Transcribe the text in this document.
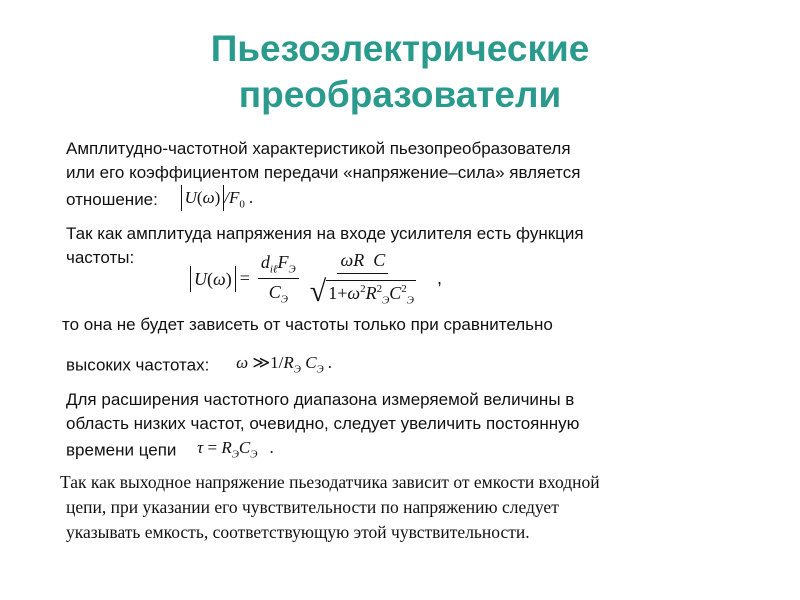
Пьезоэлектрические
преобразователи
Амплитудно-частотной характеристикой пьезопреобразователя
или его коэффициентом передачи «напряжение–сила» является
отношение: U(ω) $/F_0$ .
Так как амплитуда напряжения на входе усилителя есть функция
частоты:
$U(\omega) = \frac{d_{i\ell}F_Э}{C_Э} \frac{\text{ωR  C}}{√ 1+\omega^2R^2_ЭC^2_Э}$ ,
то она не будет зависеть от частоты только при сравнительно
высоких частотах: ω $≫1/R_Э$ $C_Э$ .
Для расширения частотного диапазона измеряемой величины в
область низких частот, очевидно, следует увеличить постоянную
времени цепи $\tau = R_ЭC_Э$ .
Так как выходное напряжение пьезодатчика зависит от емкости входной
цепи, при указании его чувствительности по напряжению следует
указывать емкость, соответствующую этой чувствительности.
